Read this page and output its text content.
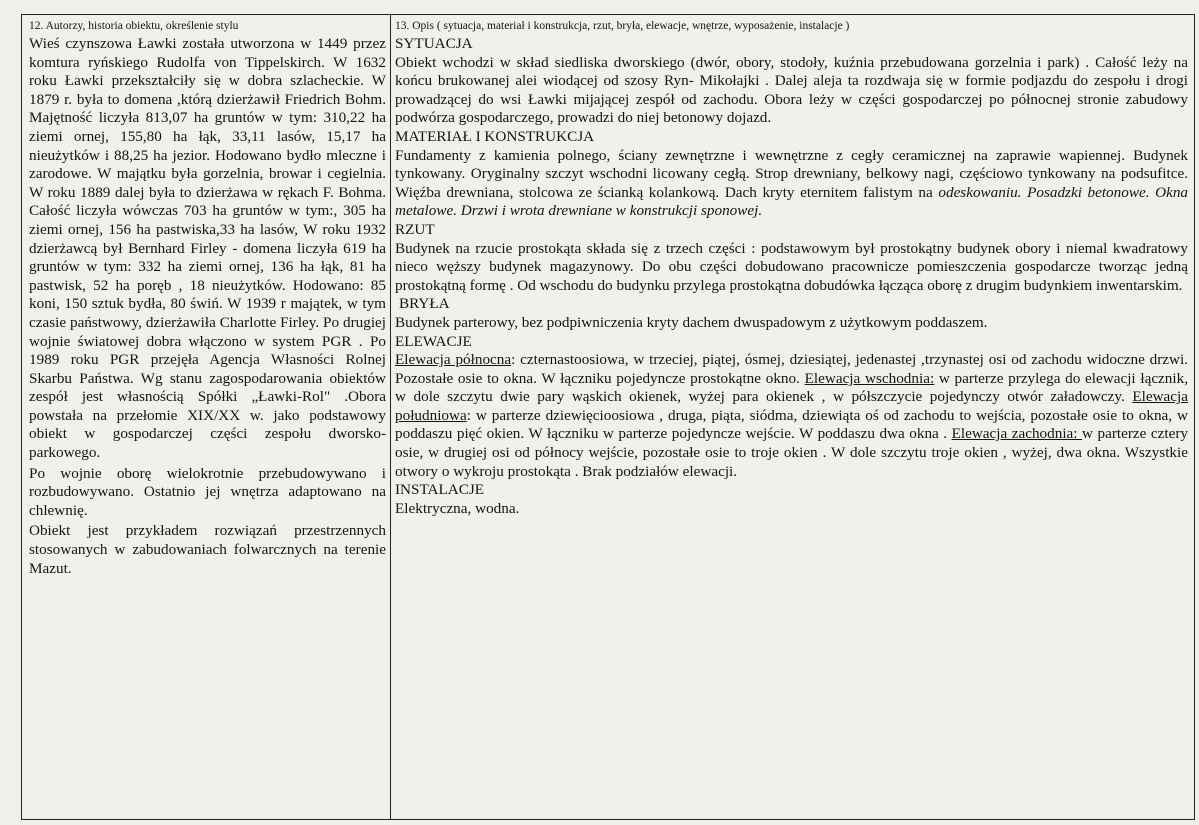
12. Autorzy, historia obiektu, określenie stylu

Wieś czynszowa Ławki została utworzona w 1449 przez komtura ryńskiego Rudolfa von Tippelskirch. W 1632 roku Ławki przekształciły się w dobra szlacheckie. W 1879 r. była to domena ,którą dzierżawił Friedrich Bohm. Majętność liczyła 813,07 ha gruntów w tym: 310,22 ha ziemi ornej, 155,80 ha łąk, 33,11 lasów, 15,17 ha nieużytków i 88,25 ha jezior. Hodowano bydło mleczne i zarodowe. W majątku była gorzelnia, browar i cegielnia. W roku 1889 dalej była to dzierżawa w rękach F. Bohma. Całość liczyła wówczas 703 ha gruntów w tym:, 305 ha ziemi ornej, 156 ha pastwiska,33 ha lasów, W roku 1932 dzierżawcą był Bernhard Firley - domena liczyła 619 ha gruntów w tym: 332 ha ziemi ornej, 136 ha łąk, 81 ha pastwisk, 52 ha poręb , 18 nieużytków. Hodowano: 85 koni, 150 sztuk bydła, 80 świń. W 1939 r majątek, w tym czasie państwowy, dzierżawiła Charlotte Firley. Po drugiej wojnie światowej dobra włączono w system PGR . Po 1989 roku PGR przejęła Agencja Własności Rolnej Skarbu Państwa. Wg stanu zagospodarowania obiektów zespół jest własnością Spółki „Ławki-Rol" .Obora powstała na przełomie XIX/XX w. jako podstawowy obiekt w gospodarczej części zespołu dworsko-parkowego.

Po wojnie oborę wielokrotnie przebudowywano i rozbudowywano. Ostatnio jej wnętrza adaptowano na chlewnię.

Obiekt jest przykładem rozwiązań przestrzennych stosowanych w zabudowaniach folwarcznych na terenie Mazut.

13. Opis ( sytuacja, materiał i konstrukcja, rzut, bryła, elewacje, wnętrze, wyposażenie, instalacje )
SYTUACJA

Obiekt wchodzi w skład siedliska dworskiego (dwór, obory, stodoły, kuźnia przebudowana gorzelnia i park) . Całość leży na końcu brukowanej alei wiodącej od szosy Ryn- Mikołajki . Dalej aleja ta rozdwaja się w formie podjazdu do zespołu i drogi prowadzącej do wsi Ławki mijającej zespół od zachodu. Obora leży w części gospodarczej po północnej stronie zabudowy podwórza gospodarczego, prowadzi do niej betonowy dojazd.

MATERIAŁ I KONSTRUKCJA

Fundamenty z kamienia polnego, ściany zewnętrzne i wewnętrzne z cegły ceramicznej na zaprawie wapiennej. Budynek tynkowany. Oryginalny szczyt wschodni licowany cegłą. Strop drewniany, belkowy nagi, częściowo tynkowany na podsufitce. Więźba drewniana, stolcowa ze ścianką kolankową. Dach kryty eternitem falistym na odeskowaniu. Posadzki betonowe. Okna metalowe. Drzwi i wrota drewniane w konstrukcji sponowej.

RZUT

Budynek na rzucie prostokąta składa się z trzech części : podstawowym był prostokątny budynek obory i niemal kwadratowy nieco węższy budynek magazynowy. Do obu części dobudowano pracownicze pomieszczenia gospodarcze tworząc jedną prostokątną formę . Od wschodu do budynku przylega prostokątna dobudówka łącząca oborę z drugim budynkiem inwentarskim.

BRYŁA

Budynek parterowy, bez podpiwniczenia kryty dachem dwuspadowym z użytkowym poddaszem.

ELEWACJE

Elewacja północna: czternastoosiowa, w trzeciej, piątej, ósmej, dziesiątej, jedenastej ,trzynastej osi od zachodu widoczne drzwi. Pozostałe osie to okna. W łączniku pojedyncze prostokątne okno. Elewacja wschodnia: w parterze przylega do elewacji łącznik, w dole szczytu dwie pary wąskich okienek, wyżej para okienek , w półszczycie pojedynczy otwór załadowczy. Elewacja południowa: w parterze dziewięcioosiowa , druga, piąta, siódma, dziewiąta oś od zachodu to wejścia, pozostałe osie to okna, w poddaszu pięć okien. W łączniku w parterze pojedyncze wejście. W poddaszu dwa okna . Elewacja zachodnia: w parterze cztery osie, w drugiej osi od północy wejście, pozostałe osie to troje okien . W dole szczytu troje okien , wyżej, dwa okna. Wszystkie otwory o wykroju prostokąta . Brak podziałów elewacji.

INSTALACJE

Elektryczna, wodna.
